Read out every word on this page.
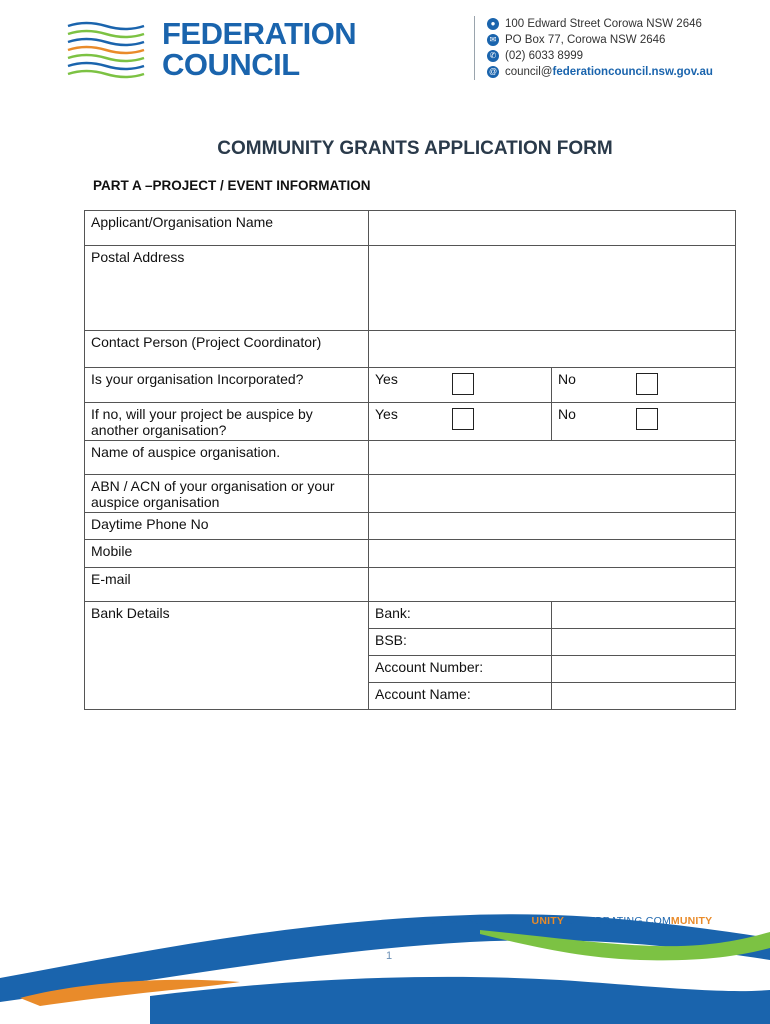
FEDERATION
COUNCIL
● 100 Edward Street Corowa NSW 2646
✉ PO Box 77, Corowa NSW 2646
✆ (02) 6033 8999
@ council@ federationcouncil.nsw.gov.au
COMMUNITY GRANTS APPLICATION FORM
PART A –PROJECT / EVENT INFORMATION
Applicant/Organisation Name		
Postal Address		
Contact Person (Project Coordinator)		
Is your organisation Incorporated?	Yes	No

If no, will your project be auspice by another organisation?	Yes	No

Name of auspice organisation.		
ABN / ACN of your organisation or your auspice organisation		
Daytime Phone No		
Mobile		
E-mail		
Bank Details	Bank:	
	BSB:	
	Account Number:	
	Account Name:	
CREATING OPPORTUNITY CELEBRATING COMMUNITY
1
